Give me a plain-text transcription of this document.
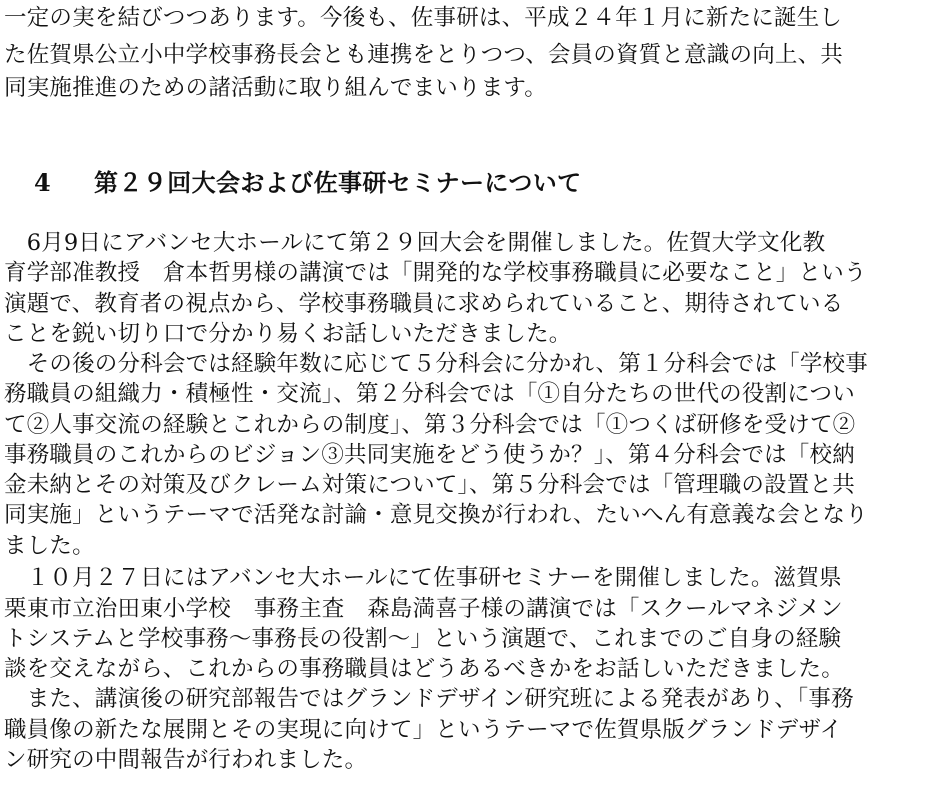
一定の実を結びつつあります。今後も、佐事研は、平成２４年１月に新たに誕生し

た佐賀県公立小中学校事務長会とも連携をとりつつ、会員の資質と意識の向上、共

同実施推進のための諸活動に取り組んでまいります。

4 第２９回大会および佐事研セミナーについて

　6月9日にアバンセ大ホールにて第２９回大会を開催しました。佐賀大学文化教

育学部准教授　倉本哲男様の講演では「開発的な学校事務職員に必要なこと」という

演題で、教育者の視点から、学校事務職員に求められていること、期待されている

ことを鋭い切り口で分かり易くお話しいただきました。

　その後の分科会では経験年数に応じて５分科会に分かれ、第１分科会では「学校事

務職員の組織力・積極性・交流」、第２分科会では「①自分たちの世代の役割につい

て②人事交流の経験とこれからの制度」、第３分科会では「①つくば研修を受けて②

事務職員のこれからのビジョン③共同実施をどう使うか？」、第４分科会では「校納

金未納とその対策及びクレーム対策について」、第５分科会では「管理職の設置と共

同実施」というテーマで活発な討論・意見交換が行われ、たいへん有意義な会となり

ました。

　１０月２７日にはアバンセ大ホールにて佐事研セミナーを開催しました。滋賀県

栗東市立治田東小学校　事務主査　森島満喜子様の講演では「スクールマネジメン

トシステムと学校事務～事務長の役割～」という演題で、これまでのご自身の経験

談を交えながら、これからの事務職員はどうあるべきかをお話しいただきました。

　また、講演後の研究部報告ではグランドデザイン研究班による発表があり、「事務

職員像の新たな展開とその実現に向けて」というテーマで佐賀県版グランドデザイ

ン研究の中間報告が行われました。
